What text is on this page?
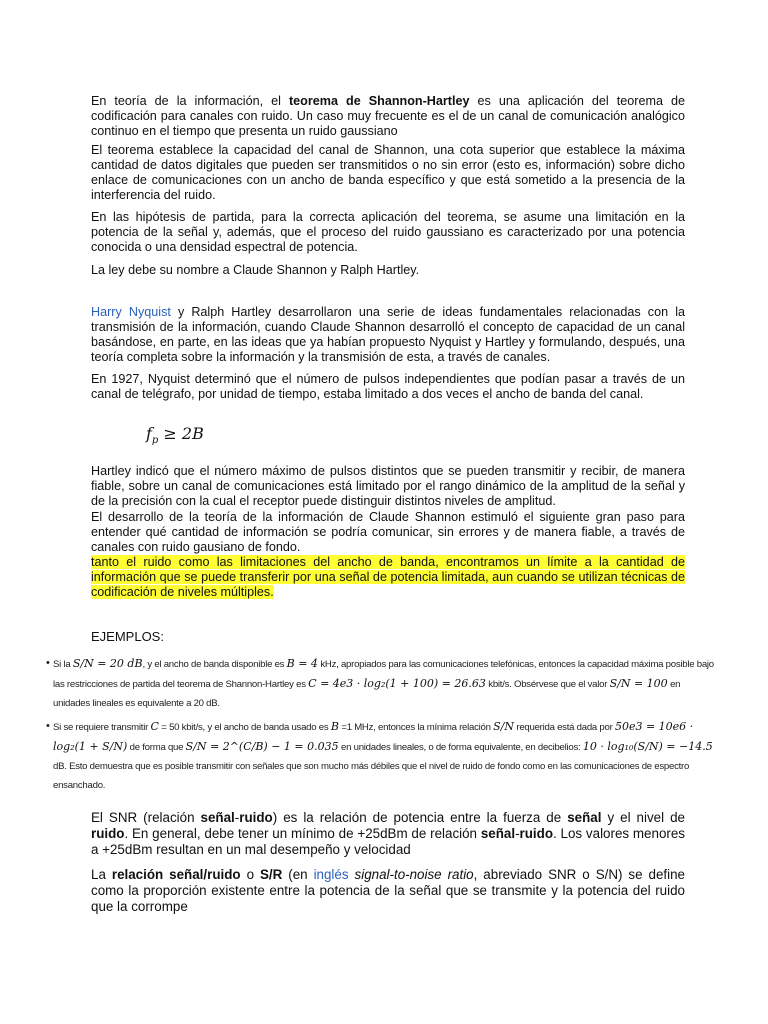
En teoría de la información, el teorema de Shannon-Hartley es una aplicación del teorema de codificación para canales con ruido. Un caso muy frecuente es el de un canal de comunicación analógico continuo en el tiempo que presenta un ruido gaussiano

El teorema establece la capacidad del canal de Shannon, una cota superior que establece la máxima cantidad de datos digitales que pueden ser transmitidos o no sin error (esto es, información) sobre dicho enlace de comunicaciones con un ancho de banda específico y que está sometido a la presencia de la interferencia del ruido.

En las hipótesis de partida, para la correcta aplicación del teorema, se asume una limitación en la potencia de la señal y, además, que el proceso del ruido gaussiano es caracterizado por una potencia conocida o una densidad espectral de potencia.

La ley debe su nombre a Claude Shannon y Ralph Hartley.

Harry Nyquist y Ralph Hartley desarrollaron una serie de ideas fundamentales relacionadas con la transmisión de la información, cuando Claude Shannon desarrolló el concepto de capacidad de un canal basándose, en parte, en las ideas que ya habían propuesto Nyquist y Hartley y formulando, después, una teoría completa sobre la información y la transmisión de esta, a través de canales.

En 1927, Nyquist determinó que el número de pulsos independientes que podían pasar a través de un canal de telégrafo, por unidad de tiempo, estaba limitado a dos veces el ancho de banda del canal.

$f_p \ge 2B$

Hartley indicó que el número máximo de pulsos distintos que se pueden transmitir y recibir, de manera fiable, sobre un canal de comunicaciones está limitado por el rango dinámico de la amplitud de la señal y de la precisión con la cual el receptor puede distinguir distintos niveles de amplitud.

El desarrollo de la teoría de la información de Claude Shannon estimuló el siguiente gran paso para entender qué cantidad de información se podría comunicar, sin errores y de manera fiable, a través de canales con ruido gausiano de fondo.

tanto el ruido como las limitaciones del ancho de banda, encontramos un límite a la cantidad de información que se puede transferir por una señal de potencia limitada, aun cuando se utilizan técnicas de codificación de niveles múltiples.

EJEMPLOS:
• Si la S/N = 20 dB, y el ancho de banda disponible es B = 4 kHz, apropiados para las comunicaciones telefónicas, entonces la capacidad máxima posible bajo las restricciones de partida del teorema de Shannon-Hartley es C = 4e3 · log₂(1 + 100) = 26.63 kbit/s. Obsérvese que el valor S/N = 100 en unidades lineales es equivalente a 20 dB.
• Si se requiere transmitir C = 50 kbit/s, y el ancho de banda usado es B =1 MHz, entonces la mínima relación S/N requerida está dada por 50e3 = 10e6 · log₂(1 + S/N) de forma que S/N = 2^(C/B) − 1 = 0.035 en unidades lineales, o de forma equivalente, en decibelios: 10 · log₁₀(S/N) = −14.5 dB. Esto demuestra que es posible transmitir con señales que son mucho más débiles que el nivel de ruido de fondo como en las comunicaciones de espectro ensanchado.

El SNR (relación señal-ruido) es la relación de potencia entre la fuerza de señal y el nivel de ruido. En general, debe tener un mínimo de +25dBm de relación señal-ruido. Los valores menores a +25dBm resultan en un mal desempeño y velocidad

La relación señal/ruido o S/R (en inglés signal-to-noise ratio, abreviado SNR o S/N) se define como la proporción existente entre la potencia de la señal que se transmite y la potencia del ruido que la corrompe
